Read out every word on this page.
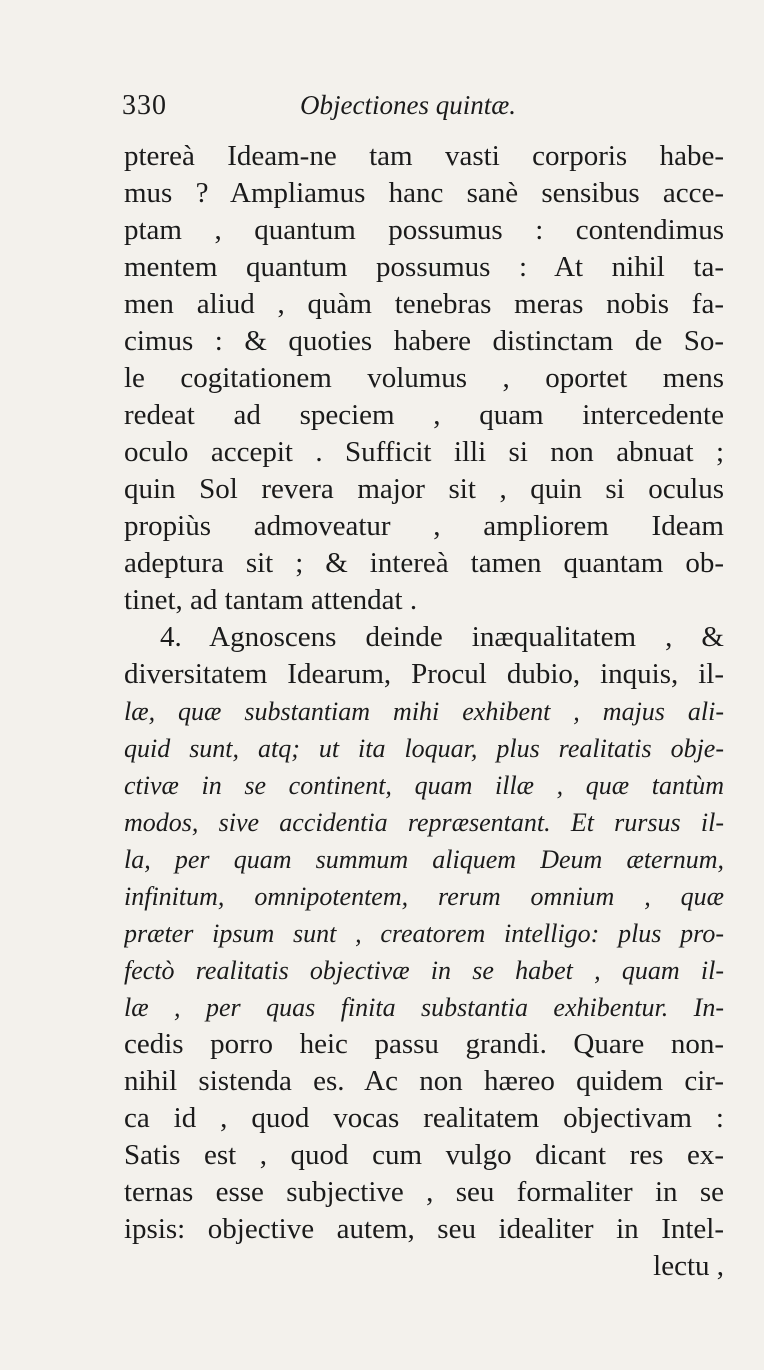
330	Objectiones quintæ.
ptereà Ideam-ne tam vasti corporis habe-
mus ? Ampliamus hanc sanè sensibus acce-
ptam , quantum possumus : contendimus
mentem quantum possumus : At nihil ta-
men aliud , quàm tenebras meras nobis fa-
cimus : & quoties habere distinctam de So-
le cogitationem volumus , oportet mens
redeat ad speciem , quam intercedente
oculo accepit . Sufficit illi si non abnuat ;
quin Sol revera major sit , quin si oculus
propiùs admoveatur , ampliorem Ideam
adeptura sit ; & intereà tamen quantam ob-
tinet, ad tantam attendat .
4. Agnoscens deinde inæqualitatem , &
diversitatem Idearum, Procul dubio, inquis, il-
læ, quæ substantiam mihi exhibent , majus ali-
quid sunt, atq; ut ita loquar, plus realitatis obje-
ctivæ in se continent, quam illæ , quæ tantùm
modos, sive accidentia repræsentant. Et rursus il-
la, per quam summum aliquem Deum æternum,
infinitum, omnipotentem, rerum omnium , quæ
præter ipsum sunt , creatorem intelligo: plus pro-
fectò realitatis objectivæ in se habet , quam il-
læ , per quas finita substantia exhibentur. In-
cedis porro heic passu grandi. Quare non-
nihil sistenda es. Ac non hæreo quidem cir-
ca id , quod vocas realitatem objectivam :
Satis est , quod cum vulgo dicant res ex-
ternas esse subjective , seu formaliter in se
ipsis: objective autem, seu idealiter in Intel-
lectu ,
